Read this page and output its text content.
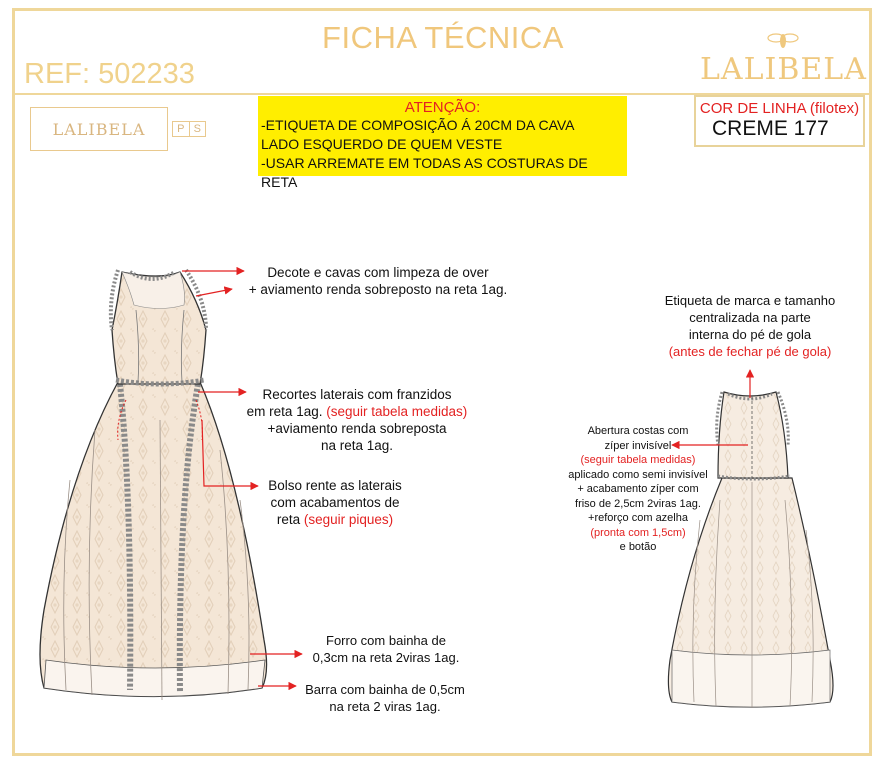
FICHA TÉCNICA
REF: 502233	LALIBELA
LALIBELA	P S
ATENÇÃO:
-ETIQUETA DE COMPOSIÇÃO Á 20CM DA CAVA
LADO ESQUERDO DE QUEM VESTE
-USAR ARREMATE EM TODAS AS COSTURAS DE RETA
COR DE LINHA (filotex)
CREME 177
Decote e cavas com limpeza de over
+ aviamento renda sobreposto na reta 1ag.
Recortes laterais com franzidos
em reta 1ag. (seguir tabela medidas)
+aviamento renda sobreposta
na reta 1ag.
Bolso rente as laterais
com acabamentos de
reta (seguir piques)
Forro com bainha de
0,3cm na reta 2viras 1ag.
Barra com bainha de 0,5cm
na reta 2 viras 1ag.
Etiqueta de marca e tamanho
centralizada na parte
interna do pé de gola
(antes de fechar pé de gola)
Abertura costas com
zíper invisível
(seguir tabela medidas)
aplicado como semi invisível
+ acabamento zíper com
friso de 2,5cm 2viras 1ag.
+reforço com azelha
(pronta com 1,5cm)
e botão
